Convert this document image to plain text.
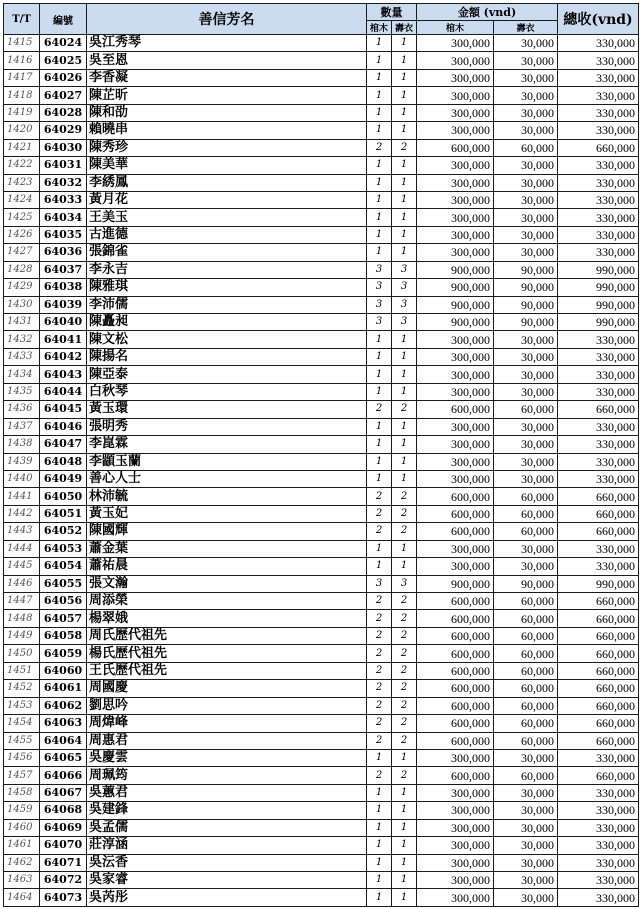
T/T	編號	善信芳名	數量		金額 (vnd)		總收(vnd)
			棺木	壽衣	棺木	壽衣	
1415	64024	吳江秀琴	1	1	300,000	30,000	330,000
1416	64025	吳至恩	1	1	300,000	30,000	330,000
1417	64026	李香凝	1	1	300,000	30,000	330,000
1418	64027	陳芷昕	1	1	300,000	30,000	330,000
1419	64028	陳和劭	1	1	300,000	30,000	330,000
1420	64029	賴曉串	1	1	300,000	30,000	330,000
1421	64030	陳秀珍	2	2	600,000	60,000	660,000
1422	64031	陳美華	1	1	300,000	30,000	330,000
1423	64032	李綉鳳	1	1	300,000	30,000	330,000
1424	64033	黃月花	1	1	300,000	30,000	330,000
1425	64034	王美玉	1	1	300,000	30,000	330,000
1426	64035	古進德	1	1	300,000	30,000	330,000
1427	64036	張錦雀	1	1	300,000	30,000	330,000
1428	64037	李永吉	3	3	900,000	90,000	990,000
1429	64038	陳雅琪	3	3	900,000	90,000	990,000
1430	64039	李沛儒	3	3	900,000	90,000	990,000
1431	64040	陳矗昶	3	3	900,000	90,000	990,000
1432	64041	陳文松	1	1	300,000	30,000	330,000
1433	64042	陳揚名	1	1	300,000	30,000	330,000
1434	64043	陳亞泰	1	1	300,000	30,000	330,000
1435	64044	白秋琴	1	1	300,000	30,000	330,000
1436	64045	黃玉環	2	2	600,000	60,000	660,000
1437	64046	張明秀	1	1	300,000	30,000	330,000
1438	64047	李崑霖	1	1	300,000	30,000	330,000
1439	64048	李顓玉蘭	1	1	300,000	30,000	330,000
1440	64049	善心人士	1	1	300,000	30,000	330,000
1441	64050	林沛毓	2	2	600,000	60,000	660,000
1442	64051	黃玉妃	2	2	600,000	60,000	660,000
1443	64052	陳國輝	2	2	600,000	60,000	660,000
1444	64053	蕭金葉	1	1	300,000	30,000	330,000
1445	64054	蕭祐晨	1	1	300,000	30,000	330,000
1446	64055	張文瀚	3	3	900,000	90,000	990,000
1447	64056	周添榮	2	2	600,000	60,000	660,000
1448	64057	楊翠娥	2	2	600,000	60,000	660,000
1449	64058	周氏歷代祖先	2	2	600,000	60,000	660,000
1450	64059	楊氏歷代祖先	2	2	600,000	60,000	660,000
1451	64060	王氏歷代祖先	2	2	600,000	60,000	660,000
1452	64061	周國慶	2	2	600,000	60,000	660,000
1453	64062	劉思吟	2	2	600,000	60,000	660,000
1454	64063	周煒峰	2	2	600,000	60,000	660,000
1455	64064	周惠君	2	2	600,000	60,000	660,000
1456	64065	吳慶雲	1	1	300,000	30,000	330,000
1457	64066	周珮筠	2	2	600,000	60,000	660,000
1458	64067	吳蕙君	1	1	300,000	30,000	330,000
1459	64068	吳建鋒	1	1	300,000	30,000	330,000
1460	64069	吳孟儒	1	1	300,000	30,000	330,000
1461	64070	莊淳涵	1	1	300,000	30,000	330,000
1462	64071	吳沄香	1	1	300,000	30,000	330,000
1463	64072	吳家睿	1	1	300,000	30,000	330,000
1464	64073	吳芮彤	1	1	300,000	30,000	330,000
